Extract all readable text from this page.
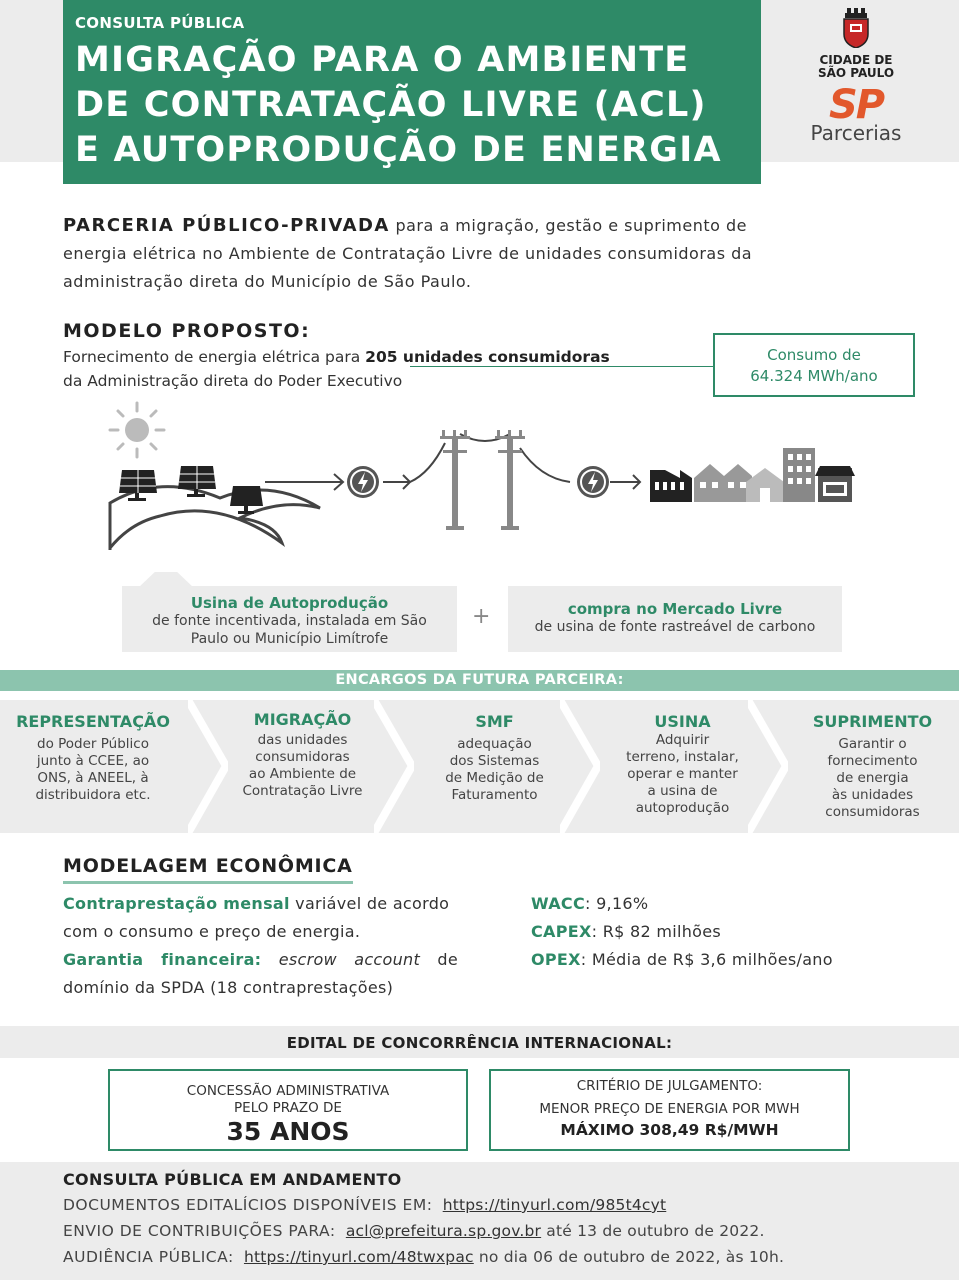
CONSULTA PÚBLICA
MIGRAÇÃO PARA O AMBIENTE
DE CONTRATAÇÃO LIVRE (ACL)
E AUTOPRODUÇÃO DE ENERGIA
CIDADE DE
SÃO PAULO
SP
Parcerias
PARCERIA PÚBLICO-PRIVADA para a migração, gestão e suprimento de energia elétrica no Ambiente de Contratação Livre de unidades consumidoras da administração direta do Município de São Paulo.
MODELO PROPOSTO:
Fornecimento de energia elétrica para 205 unidades consumidoras
da Administração direta do Poder Executivo
Consumo de
64.324 MWh/ano
Usina de Autoprodução
de fonte incentivada, instalada em São
Paulo ou Município Limítrofe
+	compra no Mercado Livre
de usina de fonte rastreável de carbono
ENCARGOS DA FUTURA PARCEIRA:
REPRESENTAÇÃO
do Poder Público
junto à CCEE, ao
ONS, à ANEEL, à
distribuidora etc.
MIGRAÇÃO
das unidades
consumidoras
ao Ambiente de
Contratação Livre
SMF
adequação
dos Sistemas
de Medição de
Faturamento
USINA
Adquirir
terreno, instalar,
operar e manter
a usina de
autoprodução
SUPRIMENTO
Garantir o
fornecimento
de energia
às unidades
consumidoras
MODELAGEM ECONÔMICA
Contraprestação mensal variável de acordo
com o consumo e preço de energia.
Garantia financeira: escrow account de
domínio da SPDA (18 contraprestações)
WACC: 9,16%
CAPEX: R$ 82 milhões
OPEX: Média de R$ 3,6 milhões/ano
EDITAL DE CONCORRÊNCIA INTERNACIONAL:
CONCESSÃO ADMINISTRATIVA
PELO PRAZO DE
35 ANOS
CRITÉRIO DE JULGAMENTO:
MENOR PREÇO DE ENERGIA POR MWH
MÁXIMO 308,49 R$/MWH
CONSULTA PÚBLICA EM ANDAMENTO
DOCUMENTOS EDITALÍCIOS DISPONÍVEIS EM: https://tinyurl.com/985t4cyt
ENVIO DE CONTRIBUIÇÕES PARA: acl@prefeitura.sp.gov.br até 13 de outubro de 2022.
AUDIÊNCIA PÚBLICA: https://tinyurl.com/48twxpac no dia 06 de outubro de 2022, às 10h.
